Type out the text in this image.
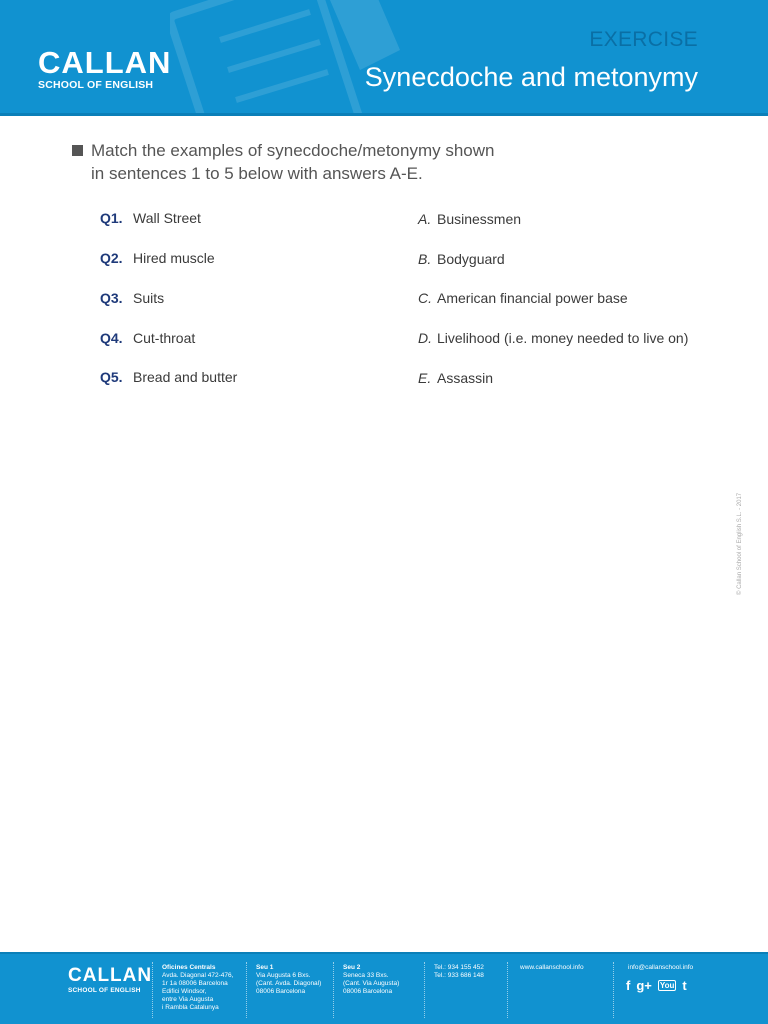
CALLAN
SCHOOL OF ENGLISH
EXERCISE
Synecdoche and metonymy
Match the examples of synecdoche/metonymy shown
in sentences 1 to 5 below with answers A-E.
Q1. Wall Street
Q2. Hired muscle
Q3. Suits
Q4. Cut-throat
Q5. Bread and butter
A. Businessmen
B. Bodyguard
C. American financial power base
D. Livelihood (i.e. money needed to live on)
E. Assassin
© Callan School of English S.L. - 2017
CALLAN
SCHOOL OF ENGLISH
Oficines Centrals
Avda. Diagonal 472-476,
1r 1a 08006 Barcelona
Edifici Windsor,
entre Via Augusta
i Rambla Catalunya
Seu 1
Via Augusta 6 Bxs.
(Cant. Avda. Diagonal)
08006 Barcelona
Seu 2
Seneca 33 Bxs.
(Cant. Via Augusta)
08006 Barcelona
Tel.: 934 155 452
Tel.: 933 686 148
www.callanschool.info	info@callanschool.info
f g+ You t
